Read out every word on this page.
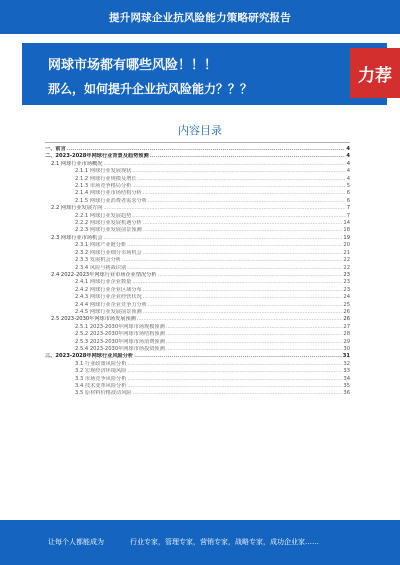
提升网球企业抗风险能力策略研究报告
网球市场都有哪些风险！！！
那么，如何提升企业抗风险能力？？？
力荐
内容目录
一、前言 .....	4
二、2023-2028年网球行业背景及趋势预测 .....	4
2.1 网球行业市场概况 .....	4
2.1.1 网球行业发展现状 .....	4
2.1.2 网球行业规模及增长 .....	4
2.1.3 市场竞争格局分析 .....	5
2.1.4 网球行业市场结构分析 .....	6
2.1.5 网球行业消费者需求分析 .....	6
2.2 网球行业发展方向 .....	7
2.2.1 网球行业发展趋势 .....	7
2.2.2 网球行业发展机遇分析 .....	14
2.2.3 网球行业发展前景预测 .....	18
2.3 网球行业市场机会 .....	19
2.3.1 网球产业链分析 .....	20
2.3.2 网球行业细分市场机会 .....	21
2.3.3 发展机会分析 .....	22
2.3.4 风险与挑战识别 .....	22
2.4 2022-2023年网球行业市场企业情况分析 .....	23
2.4.1 网球行业企业数量 .....	23
2.4.2 网球行业企业区域分布 .....	23
2.4.3 网球行业企业经营状况 .....	24
2.4.4 网球行业企业竞争力分析 .....	25
2.4.5 网球行业发展前景预测 .....	26
2.5 2023-2030年网球市场发展预测 .....	26
2.5.1 2023-2030年网球市场规模预测 .....	27
2.5.2 2023-2030年网球市场结构预测 .....	28
2.5.3 2023-2030年网球市场消费预测 .....	29
2.5.4 2023-2030年网球市场投资预测 .....	30
三、2023-2028年网球行业风险分析 .....	31
3.1 行业政策风险分析 .....	32
3.2 宏观经济环境风险 .....	33
3.3 市场竞争风险分析 .....	34
3.4 技术变革风险分析 .....	35
3.5 原材料价格波动风险 .....	36
让每个人都能成为	行业专家，管理专家，营销专家，战略专家，成功企业家……
